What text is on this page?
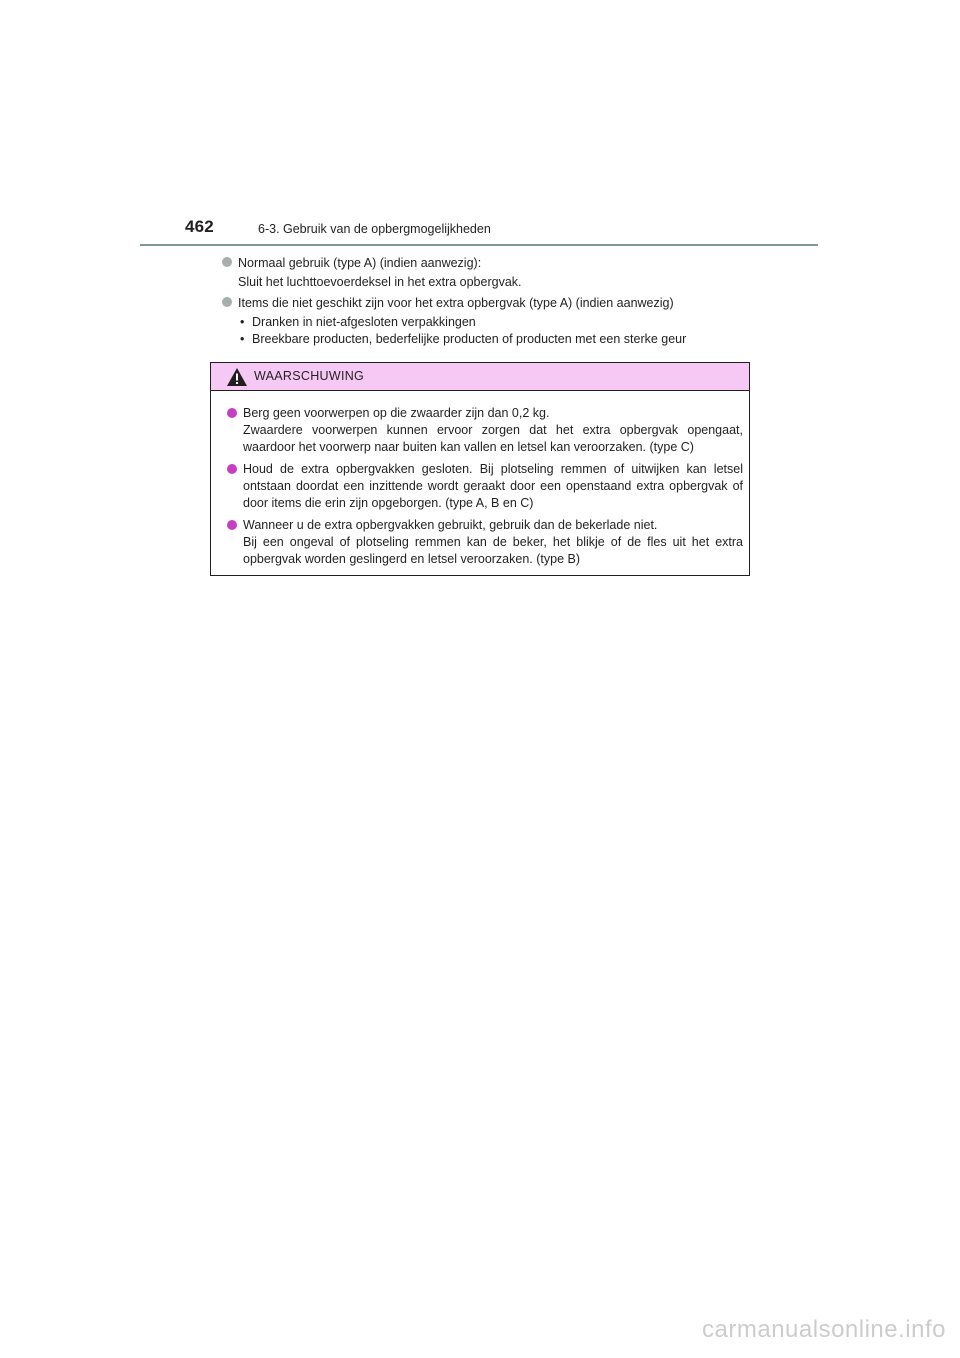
462	6-3. Gebruik van de opbergmogelijkheden
Normaal gebruik (type A) (indien aanwezig):
Sluit het luchttoevoerdeksel in het extra opbergvak.
Items die niet geschikt zijn voor het extra opbergvak (type A) (indien aanwezig)
• Dranken in niet-afgesloten verpakkingen
• Breekbare producten, bederfelijke producten of producten met een sterke geur
WAARSCHUWING
Berg geen voorwerpen op die zwaarder zijn dan 0,2 kg.
Zwaardere voorwerpen kunnen ervoor zorgen dat het extra opbergvak opengaat, waardoor het voorwerp naar buiten kan vallen en letsel kan veroorzaken. (type C)
Houd de extra opbergvakken gesloten. Bij plotseling remmen of uitwijken kan letsel ontstaan doordat een inzittende wordt geraakt door een openstaand extra opbergvak of door items die erin zijn opgeborgen. (type A, B en C)
Wanneer u de extra opbergvakken gebruikt, gebruik dan de bekerlade niet.
Bij een ongeval of plotseling remmen kan de beker, het blikje of de fles uit het extra opbergvak worden geslingerd en letsel veroorzaken. (type B)
carmanualsonline.info
